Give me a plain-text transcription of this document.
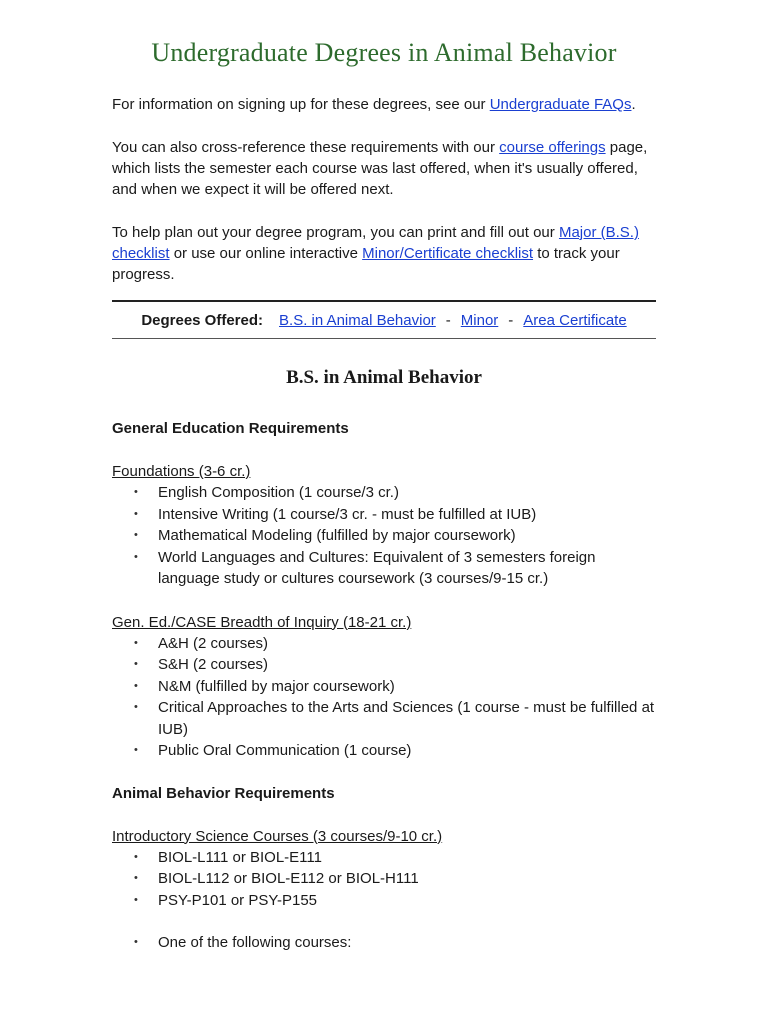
Undergraduate Degrees in Animal Behavior

For information on signing up for these degrees, see our Undergraduate FAQs.

You can also cross-reference these requirements with our course offerings page, which lists the semester each course was last offered, when it's usually offered, and when we expect it will be offered next.

To help plan out your degree program, you can print and fill out our Major (B.S.) checklist or use our online interactive Minor/Certificate checklist to track your progress.

Degrees Offered: B.S. in Animal Behavior - Minor - Area Certificate
B.S. in Animal Behavior
General Education Requirements
Foundations (3-6 cr.)
• English Composition (1 course/3 cr.)
• Intensive Writing (1 course/3 cr. - must be fulfilled at IUB)
• Mathematical Modeling (fulfilled by major coursework)
• World Languages and Cultures: Equivalent of 3 semesters foreign language study or cultures coursework (3 courses/9-15 cr.)
Gen. Ed./CASE Breadth of Inquiry (18-21 cr.)
• A&H (2 courses)
• S&H (2 courses)
• N&M (fulfilled by major coursework)
• Critical Approaches to the Arts and Sciences (1 course - must be fulfilled at IUB)
• Public Oral Communication (1 course)
Animal Behavior Requirements
Introductory Science Courses (3 courses/9-10 cr.)
• BIOL-L111 or BIOL-E111
• BIOL-L112 or BIOL-E112 or BIOL-H111
• PSY-P101 or PSY-P155
• One of the following courses:
